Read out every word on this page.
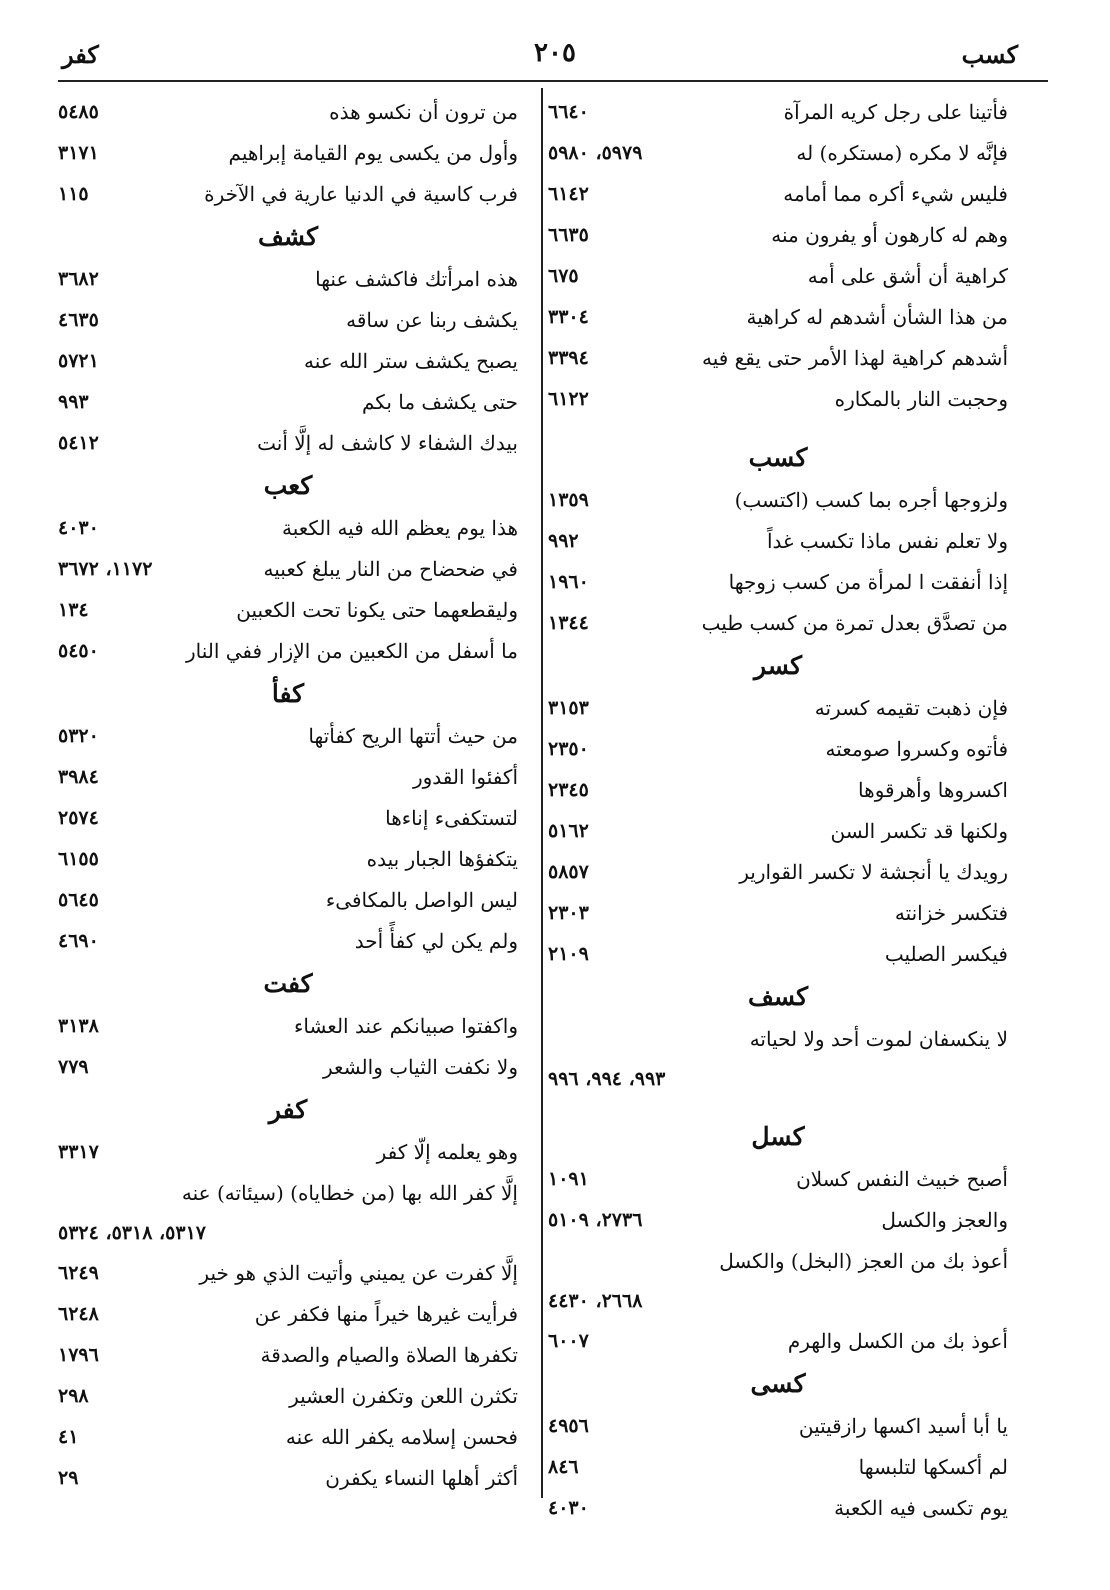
كسب
٢٠٥
كفر
فأتينا على رجل كريه المرآة
٦٦٤٠
فإنَّه لا مكره (مستكره) له
٥٩٧٩، ٥٩٨٠
فليس شيء أكره مما أمامه
٦١٤٢
وهم له كارهون أو يفرون منه
٦٦٣٥
كراهية أن أشق على أمه
٦٧٥
من هذا الشأن أشدهم له كراهية
٣٣٠٤
أشدهم كراهية لهذا الأمر حتى يقع فيه
٣٣٩٤
وحجبت النار بالمكاره
٦١٢٢
كسب
ولزوجها أجره بما كسب (اكتسب)
١٣٥٩
ولا تعلم نفس ماذا تكسب غداً
٩٩٢
إذا أنفقت ا لمرأة من كسب زوجها
١٩٦٠
من تصدَّق بعدل تمرة من كسب طيب
١٣٤٤
كسر
فإن ذهبت تقيمه كسرته
٣١٥٣
فأتوه وكسروا صومعته
٢٣٥٠
اكسروها وأهرقوها
٢٣٤٥
ولكنها قد تكسر السن
٥١٦٢
رويدك يا أنجشة لا تكسر القوارير
٥٨٥٧
فتكسر خزانته
٢٣٠٣
فيكسر الصليب
٢١٠٩
كسف
لا ينكسفان لموت أحد ولا لحياته
٩٩٣، ٩٩٤، ٩٩٦
كسل
أصبح خبيث النفس كسلان
١٠٩١
والعجز والكسل
٢٧٣٦، ٥١٠٩
أعوذ بك من العجز (البخل) والكسل
٢٦٦٨، ٤٤٣٠
أعوذ بك من الكسل والهرم
٦٠٠٧
كسى
يا أبا أسيد اكسها رازقيتين
٤٩٥٦
لم أكسكها لتلبسها
٨٤٦
يوم تكسى فيه الكعبة
٤٠٣٠
من ترون أن نكسو هذه
٥٤٨٥
وأول من يكسى يوم القيامة إبراهيم
٣١٧١
فرب كاسية في الدنيا عارية في الآخرة
١١٥
كشف
هذه امرأتك فاكشف عنها
٣٦٨٢
يكشف ربنا عن ساقه
٤٦٣٥
يصبح يكشف ستر الله عنه
٥٧٢١
حتى يكشف ما بكم
٩٩٣
بيدك الشفاء لا كاشف له إلَّا أنت
٥٤١٢
كعب
هذا يوم يعظم الله فيه الكعبة
٤٠٣٠
في ضحضاح من النار يبلغ كعبيه
١١٧٢، ٣٦٧٢
وليقطعهما حتى يكونا تحت الكعبين
١٣٤
ما أسفل من الكعبين من الإزار ففي النار
٥٤٥٠
كفأ
من حيث أتتها الريح كفأتها
٥٣٢٠
أكفئوا القدور
٣٩٨٤
لتستكفىء إناءها
٢٥٧٤
يتكفؤها الجبار بيده
٦١٥٥
ليس الواصل بالمكافىء
٥٦٤٥
ولم يكن لي كفأً أحد
٤٦٩٠
كفت
واكفتوا صبيانكم عند العشاء
٣١٣٨
ولا نكفت الثياب والشعر
٧٧٩
كفر
وهو يعلمه إلّا كفر
٣٣١٧
إلَّا كفر الله بها (من خطاياه) (سيئاته) عنه
٥٣١٧، ٥٣١٨، ٥٣٢٤
إلَّا كفرت عن يميني وأتيت الذي هو خير
٦٢٤٩
فرأيت غيرها خيراً منها فكفر عن
٦٢٤٨
تكفرها الصلاة والصيام والصدقة
١٧٩٦
تكثرن اللعن وتكفرن العشير
٢٩٨
فحسن إسلامه يكفر الله عنه
٤١
أكثر أهلها النساء يكفرن
٢٩
